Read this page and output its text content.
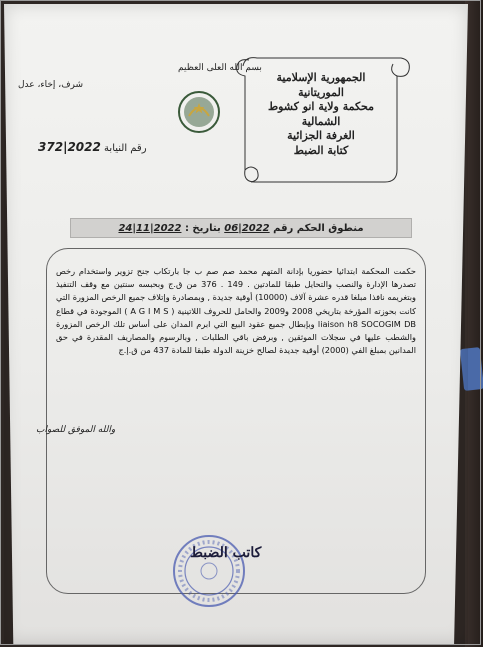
بسم الله العلى العظيم
شرف، إخاء، عدل
الجمهورية الإسلامية
الموريتانية
محكمة ولاية انو كشوط
الشمالية
الغرفة الجزائية
كتابة الضبط
رقم النيابة 2022|372
منطوق الحكم رقم 2022|06 بتاريخ : 2022|11|24
حكمت المحكمة ابتدائيا حضوريا بإدانة المتهم محمد صم صم ب جا بارتكاب جنح تزوير واستخدام رخص تصدرها الإدارة والنصب والتحايل طبقا للمادتين . 149 . 376 من ق.ج وبحبسه سنتين مع وقف التنفيذ وبتغريمه نافذا مبلغا قدره عشرة آلاف (10000) أوقية جديدة , وبمصادرة وإتلاف جميع الرخص المزورة التي كانت بحوزته المؤرخة بتاريخي 2008 و2009 والحامل للحروف اللاتينية ( A G I M S ) الموجودة في قطاع liaison h8 SOCOGIM DB وبإبطال جميع عقود البيع التي ابرم المدان على أساس تلك الرخص المزورة والشطب عليها في سجلات الموثقين , وبرفض باقي الطلبات , وبالرسوم والمصاريف المقدرة في حق المدانين بمبلغ الفي (2000) أوقية جديدة لصالح خزينة الدولة طبقا للمادة 437 من ق.إ.ج
والله الموفق للصواب
كاتب الضبط
